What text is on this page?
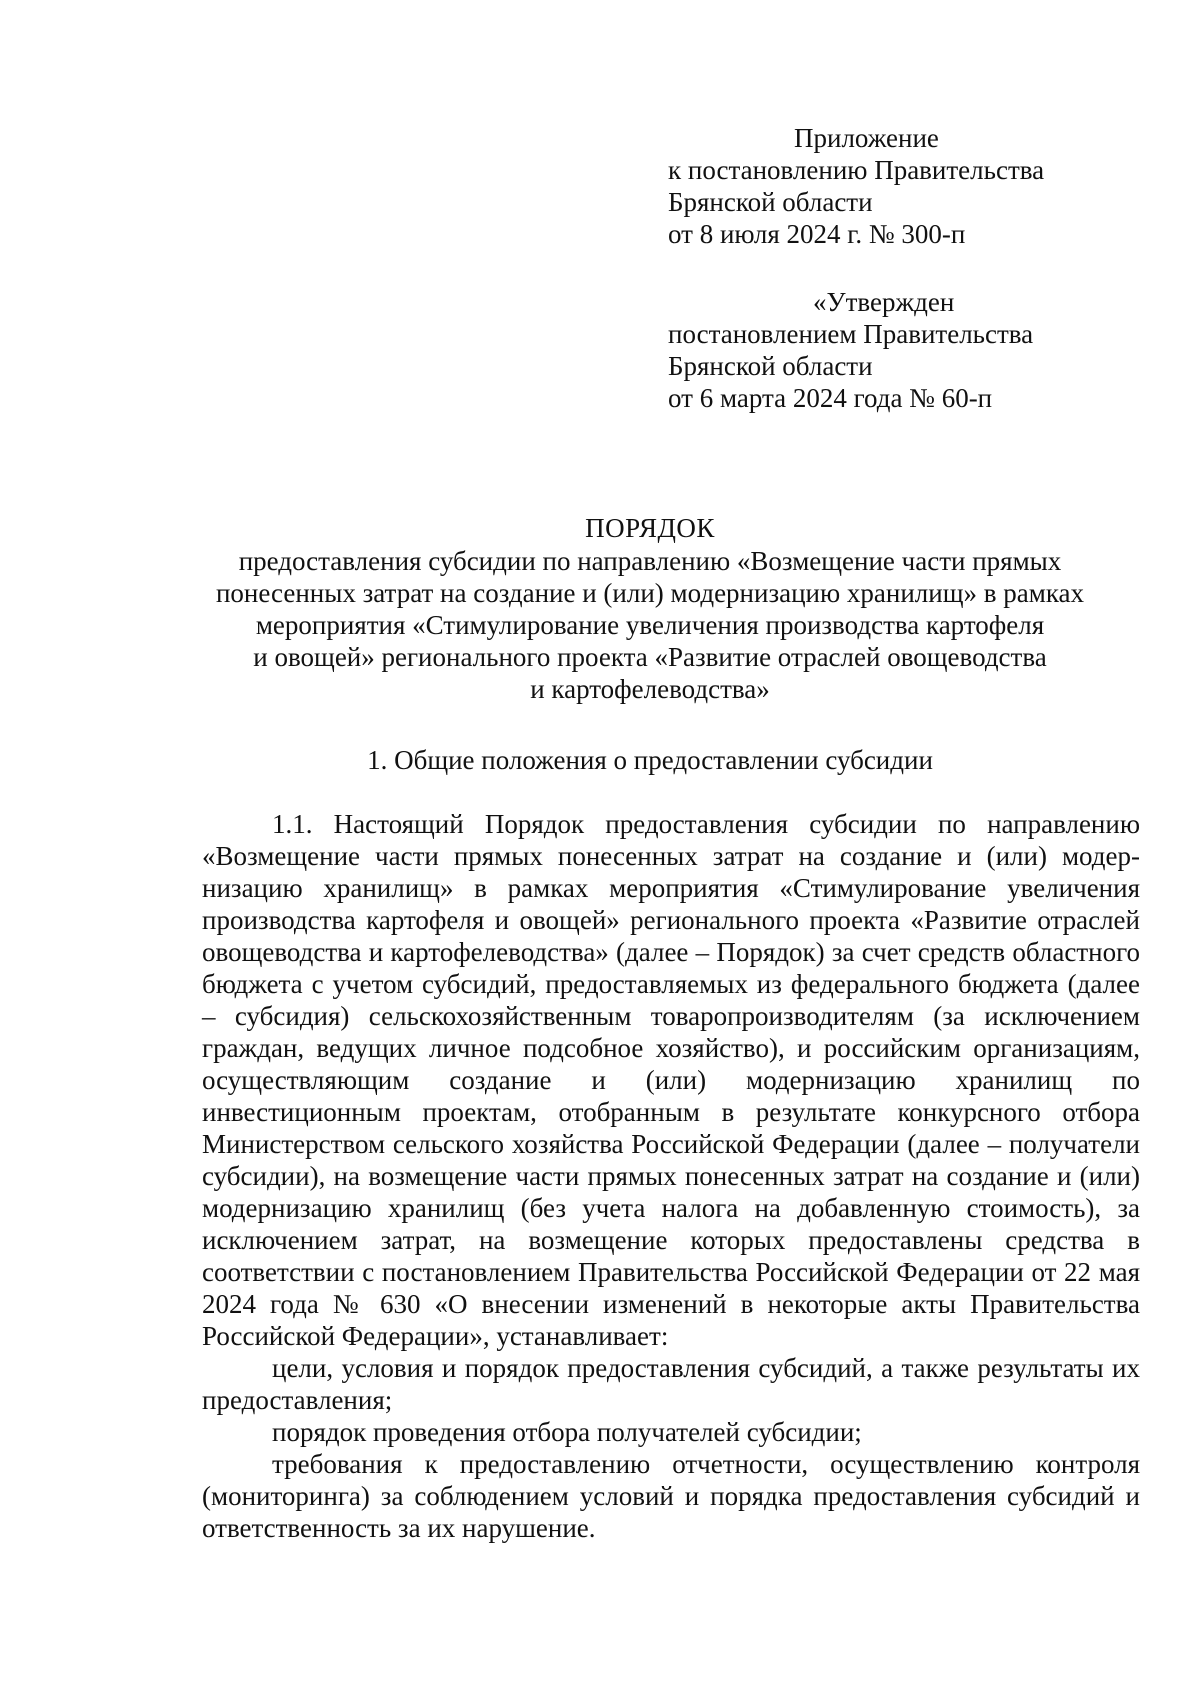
Приложение
к постановлению Правительства
Брянской области
от 8 июля 2024 г. № 300-п
«Утвержден
постановлением Правительства
Брянской области
от 6 марта 2024 года № 60-п
ПОРЯДОК
предоставления субсидии по направлению «Возмещение части прямых
понесенных затрат на создание и (или) модернизацию хранилищ» в рамках
мероприятия «Стимулирование увеличения производства картофеля
и овощей» регионального проекта «Развитие отраслей овощеводства
и картофелеводства»
1. Общие положения о предоставлении субсидии

1.1. Настоящий Порядок предоставления субсидии по направлению «Возмещение части прямых понесенных затрат на создание и (или) модернизацию хранилищ» в рамках мероприятия «Стимулирование увеличения производства картофеля и овощей» регионального проекта «Развитие отраслей овощеводства и картофелеводства» (далее – Порядок) за счет средств областного бюджета с учетом субсидий, предоставляемых из федерального бюджета (далее – субсидия) сельскохозяйственным товаропроизводителям (за исключением граждан, ведущих личное подсобное хозяйство), и российским организациям, осуществляющим создание и (или) модернизацию хранилищ по инвестиционным проектам, отобранным в результате конкурсного отбора Министерством сельского хозяйства Российской Федерации (далее – получатели субсидии), на возмещение части прямых понесенных затрат на создание и (или) модернизацию хранилищ (без учета налога на добавленную стоимость), за исключением затрат, на возмещение которых предоставлены средства в соответствии с постановлением Правительства Российской Федерации от 22 мая 2024 года № 630 «О внесении изменений в некоторые акты Правительства Российской Федерации», устанавливает:

цели, условия и порядок предоставления субсидий, а также результаты их предоставления;

порядок проведения отбора получателей субсидии;

требования к предоставлению отчетности, осуществлению контроля (мониторинга) за соблюдением условий и порядка предоставления субсидий и ответственность за их нарушение.
